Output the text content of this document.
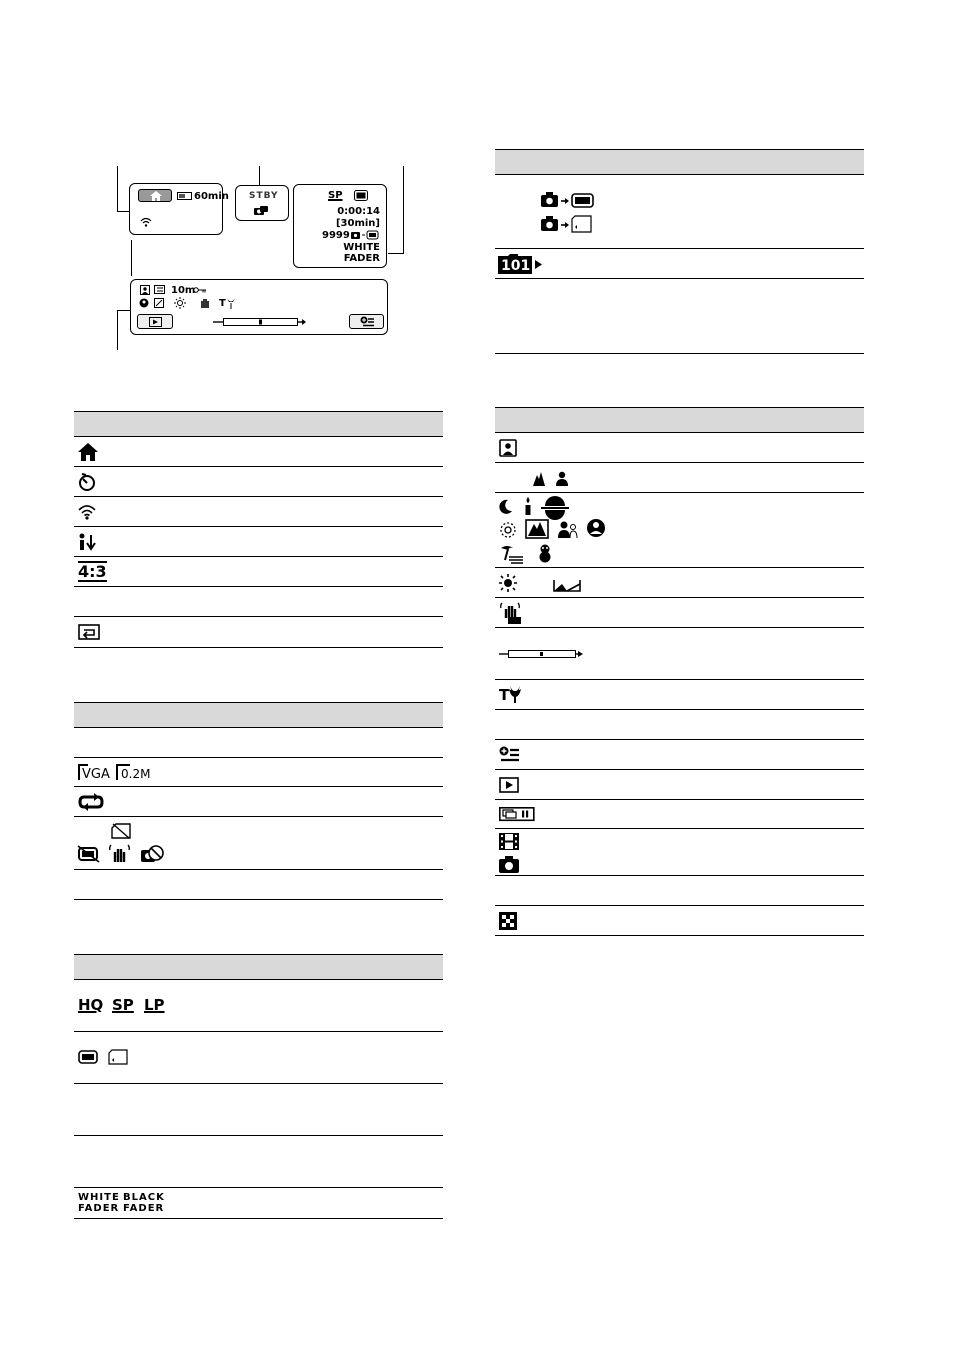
60min STBY	SP
0:00:14
[30min]
9999
WHITE
FADER
10m
T
4:3
VGA 0.2M
HQ SP LP
WHITE BLACK
FADER FADER
101
T
